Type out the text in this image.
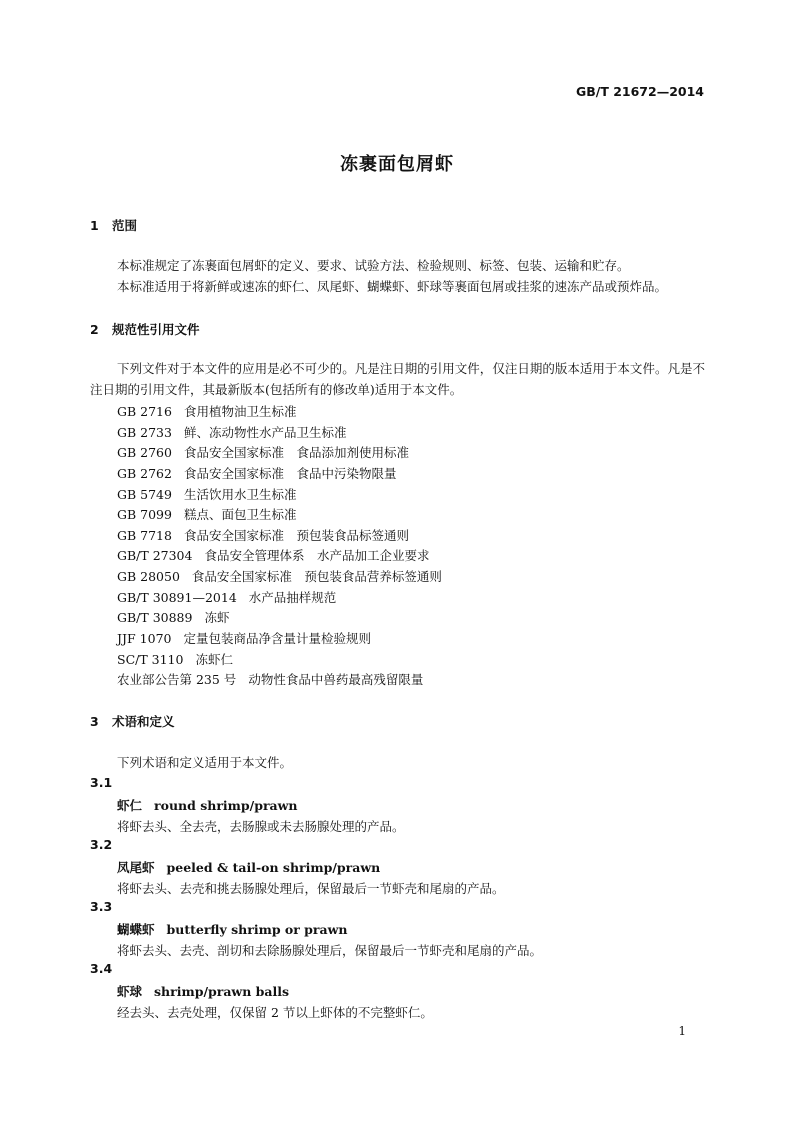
GB/T 21672—2014
冻裹面包屑虾
1 范围
本标准规定了冻裹面包屑虾的定义、要求、试验方法、检验规则、标签、包装、运输和贮存。
本标准适用于将新鲜或速冻的虾仁、凤尾虾、蝴蝶虾、虾球等裹面包屑或挂浆的速冻产品或预炸品。
2 规范性引用文件
下列文件对于本文件的应用是必不可少的。凡是注日期的引用文件，仅注日期的版本适用于本文件。凡是不注日期的引用文件，其最新版本(包括所有的修改单)适用于本文件。
GB 2716 食用植物油卫生标准
GB 2733 鲜、冻动物性水产品卫生标准
GB 2760 食品安全国家标准　食品添加剂使用标准
GB 2762 食品安全国家标准　食品中污染物限量
GB 5749 生活饮用水卫生标准
GB 7099 糕点、面包卫生标准
GB 7718 食品安全国家标准　预包装食品标签通则
GB/T 27304 食品安全管理体系　水产品加工企业要求
GB 28050 食品安全国家标准　预包装食品营养标签通则
GB/T 30891—2014 水产品抽样规范
GB/T 30889 冻虾
JJF 1070 定量包装商品净含量计量检验规则
SC/T 3110 冻虾仁
农业部公告第 235 号 动物性食品中兽药最高残留限量
3 术语和定义
下列术语和定义适用于本文件。
3.1
虾仁 round shrimp/prawn
将虾去头、全去壳，去肠腺或未去肠腺处理的产品。
3.2
凤尾虾 peeled & tail-on shrimp/prawn
将虾去头、去壳和挑去肠腺处理后，保留最后一节虾壳和尾扇的产品。
3.3
蝴蝶虾 butterfly shrimp or prawn
将虾去头、去壳、剖切和去除肠腺处理后，保留最后一节虾壳和尾扇的产品。
3.4
虾球 shrimp/prawn balls
经去头、去壳处理，仅保留 2 节以上虾体的不完整虾仁。
1
